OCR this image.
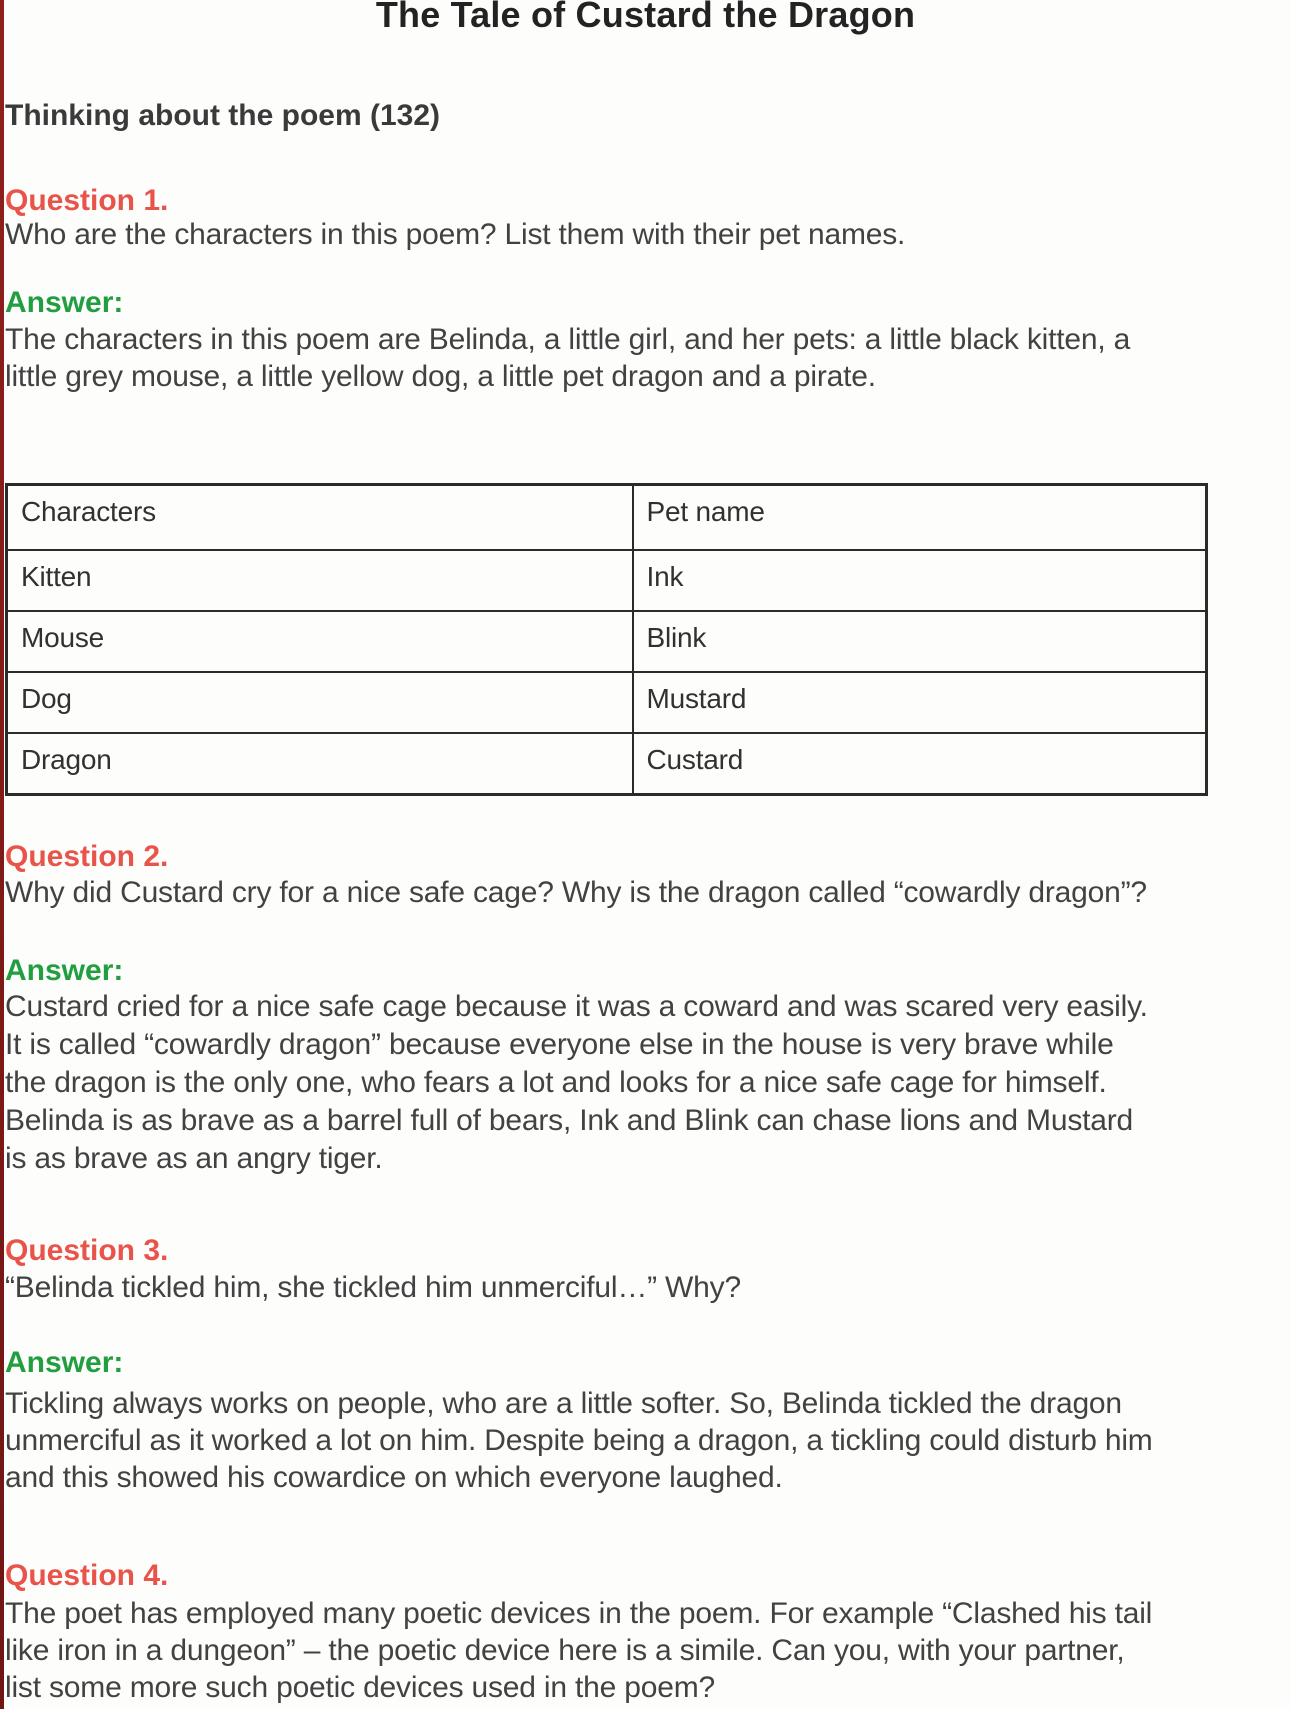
The Tale of Custard the Dragon
Thinking about the poem (132)
Question 1.
Who are the characters in this poem? List them with their pet names.
Answer:
The characters in this poem are Belinda, a little girl, and her pets: a little black kitten, a
little grey mouse, a little yellow dog, a little pet dragon and a pirate.
Characters	Pet name
Kitten	Ink
Mouse	Blink
Dog	Mustard
Dragon	Custard
Question 2.
Why did Custard cry for a nice safe cage? Why is the dragon called “cowardly dragon”?
Answer:
Custard cried for a nice safe cage because it was a coward and was scared very easily.
It is called “cowardly dragon” because everyone else in the house is very brave while
the dragon is the only one, who fears a lot and looks for a nice safe cage for himself.
Belinda is as brave as a barrel full of bears, Ink and Blink can chase lions and Mustard
is as brave as an angry tiger.
Question 3.
“Belinda tickled him, she tickled him unmerciful…” Why?
Answer:
Tickling always works on people, who are a little softer. So, Belinda tickled the dragon
unmerciful as it worked a lot on him. Despite being a dragon, a tickling could disturb him
and this showed his cowardice on which everyone laughed.
Question 4.
The poet has employed many poetic devices in the poem. For example “Clashed his tail
like iron in a dungeon” – the poetic device here is a simile. Can you, with your partner,
list some more such poetic devices used in the poem?
